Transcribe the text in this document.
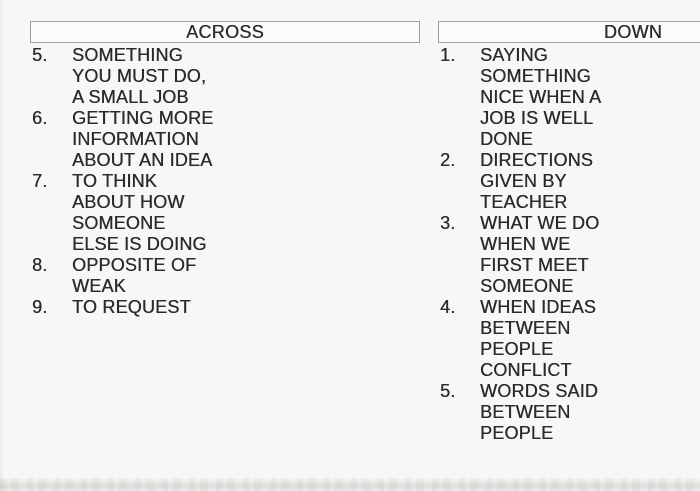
ACROSS
5.	SOMETHING
YOU MUST DO,
A SMALL JOB
6.	GETTING MORE
INFORMATION
ABOUT AN IDEA
7.	TO THINK
ABOUT HOW
SOMEONE
ELSE IS DOING
8.	OPPOSITE OF
WEAK
9.	TO REQUEST
DOWN
1.	SAYING
SOMETHING
NICE WHEN A
JOB IS WELL
DONE
2.	DIRECTIONS
GIVEN BY
TEACHER
3.	WHAT WE DO
WHEN WE
FIRST MEET
SOMEONE
4.	WHEN IDEAS
BETWEEN
PEOPLE
CONFLICT
5.	WORDS SAID
BETWEEN
PEOPLE
